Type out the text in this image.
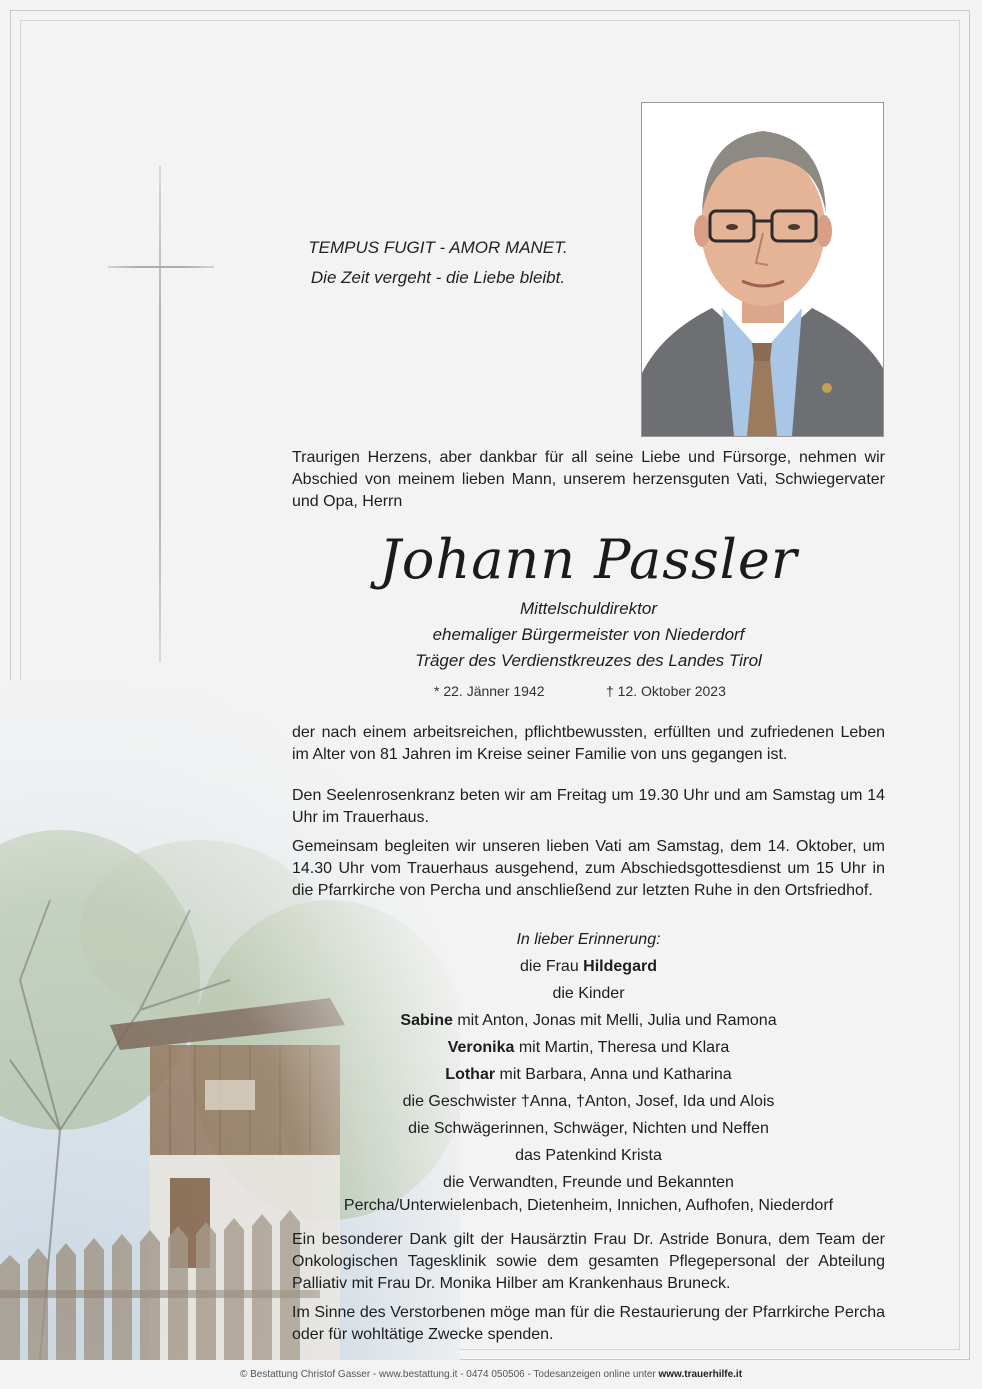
TEMPUS FUGIT - AMOR MANET.
Die Zeit vergeht - die Liebe bleibt.

Traurigen Herzens, aber dankbar für all seine Liebe und Fürsorge, nehmen wir Abschied von meinem lieben Mann, unserem herzensguten Vati, Schwiegervater und Opa, Herrn

Johann Passler
Mittelschuldirektor
ehemaliger Bürgermeister von Niederdorf
Träger des Verdienstkreuzes des Landes Tirol
* 22. Jänner 1942	† 12. Oktober 2023

der nach einem arbeitsreichen, pflichtbewussten, erfüllten und zufriedenen Leben im Alter von 81 Jahren im Kreise seiner Familie von uns gegangen ist.

Den Seelenrosenkranz beten wir am Freitag um 19.30 Uhr und am Samstag um 14 Uhr im Trauerhaus.

Gemeinsam begleiten wir unseren lieben Vati am Samstag, dem 14. Oktober, um 14.30 Uhr vom Trauerhaus ausgehend, zum Abschiedsgottesdienst um 15 Uhr in die Pfarrkirche von Percha und anschließend zur letzten Ruhe in den Ortsfriedhof.

In lieber Erinnerung:
die Frau Hildegard
die Kinder
Sabine mit Anton, Jonas mit Melli, Julia und Ramona
Veronika mit Martin, Theresa und Klara
Lothar mit Barbara, Anna und Katharina
die Geschwister †Anna, †Anton, Josef, Ida und Alois
die Schwägerinnen, Schwäger, Nichten und Neffen
das Patenkind Krista
die Verwandten, Freunde und Bekannten
Percha/Unterwielenbach, Dietenheim, Innichen, Aufhofen, Niederdorf

Ein besonderer Dank gilt der Hausärztin Frau Dr. Astride Bonura, dem Team der Onkologischen Tagesklinik sowie dem gesamten Pflegepersonal der Abteilung Palliativ mit Frau Dr. Monika Hilber am Krankenhaus Bruneck.

Im Sinne des Verstorbenen möge man für die Restaurierung der Pfarrkirche Percha oder für wohltätige Zwecke spenden.

© Bestattung Christof Gasser - www.bestattung.it - 0474 050506 - Todesanzeigen online unter www.trauerhilfe.it
